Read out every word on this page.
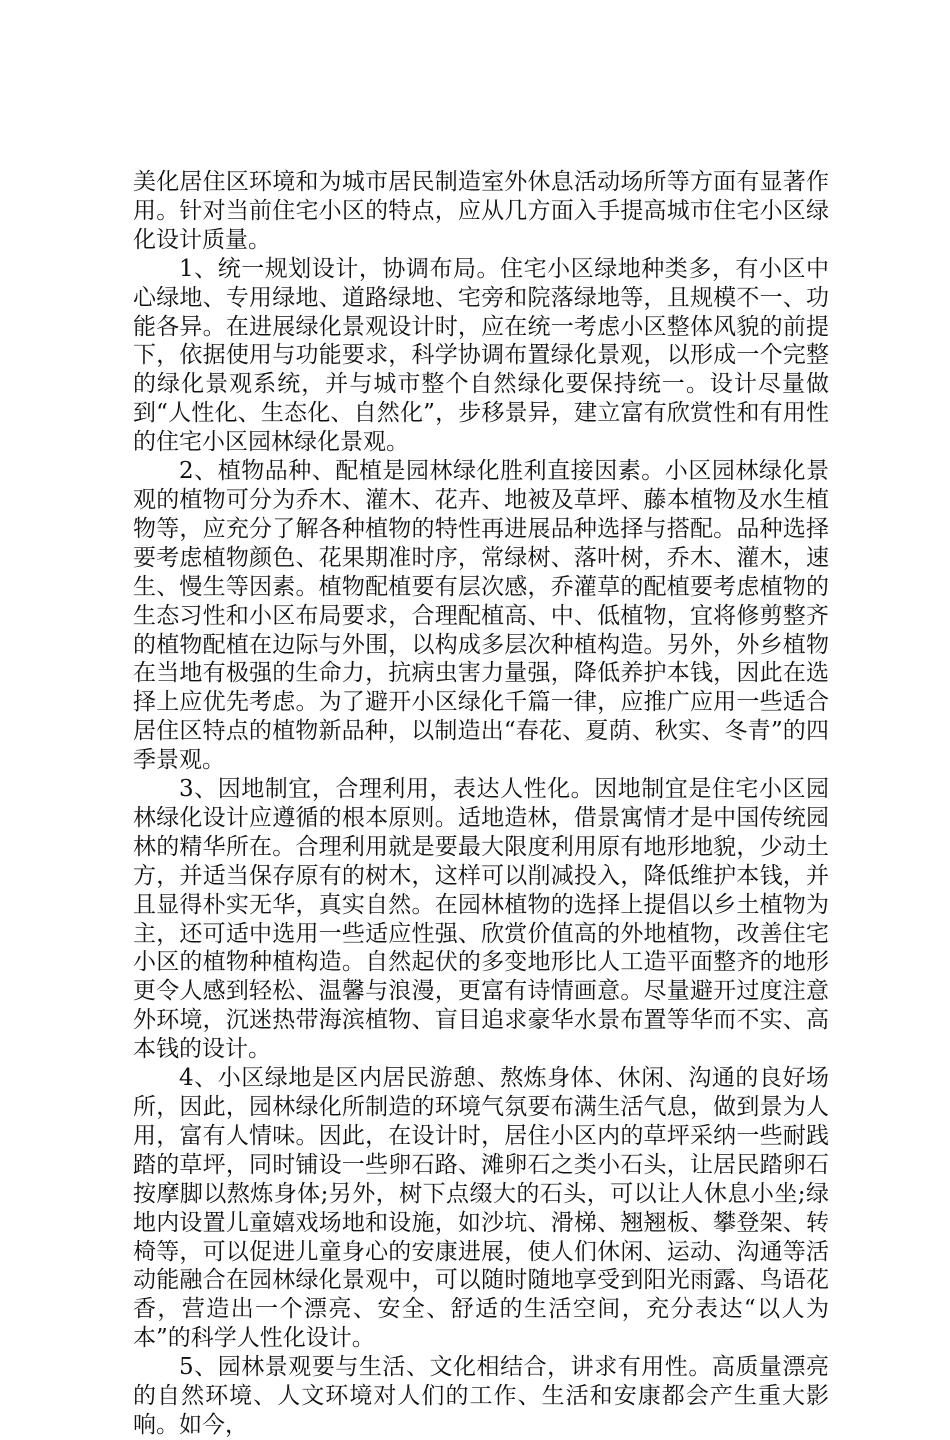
美化居住区环境和为城市居民制造室外休息活动场所等方面有显著作用。针对当前住宅小区的特点，应从几方面入手提高城市住宅小区绿化设计质量。

1、统一规划设计，协调布局。住宅小区绿地种类多，有小区中心绿地、专用绿地、道路绿地、宅旁和院落绿地等，且规模不一、功能各异。在进展绿化景观设计时，应在统一考虑小区整体风貌的前提下，依据使用与功能要求，科学协调布置绿化景观，以形成一个完整的绿化景观系统，并与城市整个自然绿化要保持统一。设计尽量做到“人性化、生态化、自然化”，步移景异，建立富有欣赏性和有用性的住宅小区园林绿化景观。

2、植物品种、配植是园林绿化胜利直接因素。小区园林绿化景观的植物可分为乔木、灌木、花卉、地被及草坪、藤本植物及水生植物等，应充分了解各种植物的特性再进展品种选择与搭配。品种选择要考虑植物颜色、花果期准时序，常绿树、落叶树，乔木、灌木，速生、慢生等因素。植物配植要有层次感，乔灌草的配植要考虑植物的生态习性和小区布局要求，合理配植高、中、低植物，宜将修剪整齐的植物配植在边际与外围，以构成多层次种植构造。另外，外乡植物在当地有极强的生命力，抗病虫害力量强，降低养护本钱，因此在选择上应优先考虑。为了避开小区绿化千篇一律，应推广应用一些适合居住区特点的植物新品种，以制造出“春花、夏荫、秋实、冬青”的四季景观。

3、因地制宜，合理利用，表达人性化。因地制宜是住宅小区园林绿化设计应遵循的根本原则。适地造林，借景寓情才是中国传统园林的精华所在。合理利用就是要最大限度利用原有地形地貌，少动土方，并适当保存原有的树木，这样可以削减投入，降低维护本钱，并且显得朴实无华，真实自然。在园林植物的选择上提倡以乡土植物为主，还可适中选用一些适应性强、欣赏价值高的外地植物，改善住宅小区的植物种植构造。自然起伏的多变地形比人工造平面整齐的地形更令人感到轻松、温馨与浪漫，更富有诗情画意。尽量避开过度注意外环境，沉迷热带海滨植物、盲目追求豪华水景布置等华而不实、高本钱的设计。

4、小区绿地是区内居民游憩、熬炼身体、休闲、沟通的良好场所，因此，园林绿化所制造的环境气氛要布满生活气息，做到景为人用，富有人情味。因此，在设计时，居住小区内的草坪采纳一些耐践踏的草坪，同时铺设一些卵石路、滩卵石之类小石头，让居民踏卵石按摩脚以熬炼身体;另外，树下点缀大的石头，可以让人休息小坐;绿地内设置儿童嬉戏场地和设施，如沙坑、滑梯、翘翘板、攀登架、转椅等，可以促进儿童身心的安康进展，使人们休闲、运动、沟通等活动能融合在园林绿化景观中，可以随时随地享受到阳光雨露、鸟语花香，营造出一个漂亮、安全、舒适的生活空间，充分表达“以人为本”的科学人性化设计。

5、园林景观要与生活、文化相结合，讲求有用性。高质量漂亮的自然环境、人文环境对人们的工作、生活和安康都会产生重大影响。如今，
